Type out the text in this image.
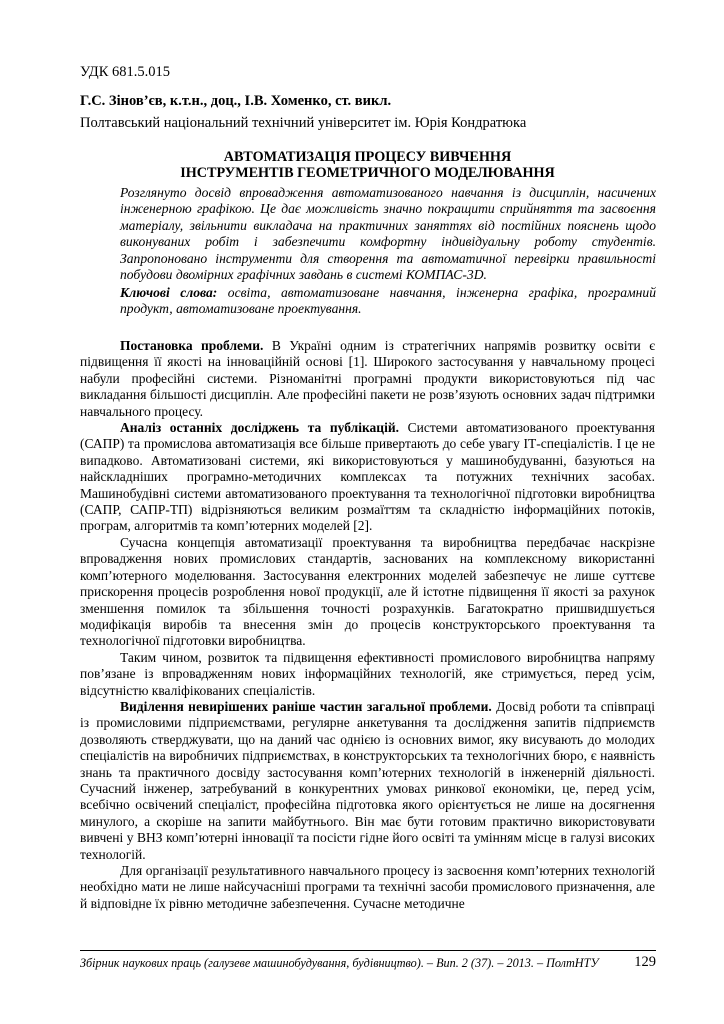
УДК 681.5.015
Г.С. Зінов’єв, к.т.н., доц., І.В. Хоменко, ст. викл.
Полтавський національний технічний університет ім. Юрія Кондратюка
АВТОМАТИЗАЦІЯ ПРОЦЕСУ ВИВЧЕННЯ
ІНСТРУМЕНТІВ ГЕОМЕТРИЧНОГО МОДЕЛЮВАННЯ
Розглянуто досвід впровадження автоматизованого навчання із дисциплін, насичених інженерною графікою. Це дає можливість значно покращити сприйняття та засвоєння матеріалу, звільнити викладача на практичних заняттях від постійних пояснень щодо виконуваних робіт і забезпечити комфортну індивідуальну роботу студентів. Запропоновано інструменти для створення та автоматичної перевірки правильності побудови двомірних графічних завдань в системі КОМПАС-3D.
Ключові слова: освіта, автоматизоване навчання, інженерна графіка, програмний продукт, автоматизоване проектування.

Постановка проблеми. В Україні одним із стратегічних напрямів розвитку освіти є підвищення її якості на інноваційній основі [1]. Широкого застосування у навчальному процесі набули професійні системи. Різноманітні програмні продукти використовуються під час викладання більшості дисциплін. Але професійні пакети не розв’язують основних задач підтримки навчального процесу.

Аналіз останніх досліджень та публікацій. Системи автоматизованого проектування (САПР) та промислова автоматизація все більше привертають до себе увагу ІТ-спеціалістів. І це не випадково. Автоматизовані системи, які використовуються у машинобудуванні, базуються на найскладніших програмно-методичних комплексах та потужних технічних засобах. Машинобудівні системи автоматизованого проектування та технологічної підготовки виробництва (САПР, САПР-ТП) відрізняються великим розмаїттям та складністю інформаційних потоків, програм, алгоритмів та комп’ютерних моделей [2].

Сучасна концепція автоматизації проектування та виробництва передбачає наскрізне впровадження нових промислових стандартів, заснованих на комплексному використанні комп’ютерного моделювання. Застосування електронних моделей забезпечує не лише суттєве прискорення процесів розроблення нової продукції, але й істотне підвищення її якості за рахунок зменшення помилок та збільшення точності розрахунків. Багатократно пришвидшується модифікація виробів та внесення змін до процесів конструкторського проектування та технологічної підготовки виробництва.

Таким чином, розвиток та підвищення ефективності промислового виробництва напряму пов’язане із впровадженням нових інформаційних технологій, яке стримується, перед усім, відсутністю кваліфікованих спеціалістів.

Виділення невирішених раніше частин загальної проблеми. Досвід роботи та співпраці із промисловими підприємствами, регулярне анкетування та дослідження запитів підприємств дозволяють стверджувати, що на даний час однією із основних вимог, яку висувають до молодих спеціалістів на виробничих підприємствах, в конструкторських та технологічних бюро, є наявність знань та практичного досвіду застосування комп’ютерних технологій в інженерній діяльності. Сучасний інженер, затребуваний в конкурентних умовах ринкової економіки, це, перед усім, всебічно освічений спеціаліст, професійна підготовка якого орієнтується не лише на досягнення минулого, а скоріше на запити майбутнього. Він має бути готовим практично використовувати вивчені у ВНЗ комп’ютерні інновації та посісти гідне його освіті та умінням місце в галузі високих технологій.

Для організації результативного навчального процесу із засвоєння комп’ютерних технологій необхідно мати не лише найсучасніші програми та технічні засоби промислового призначення, але й відповідне їх рівню методичне забезпечення. Сучасне методичне

Збірник наукових праць (галузеве машинобудування, будівництво). – Вип. 2 (37). – 2013. – ПолтНТУ 129
